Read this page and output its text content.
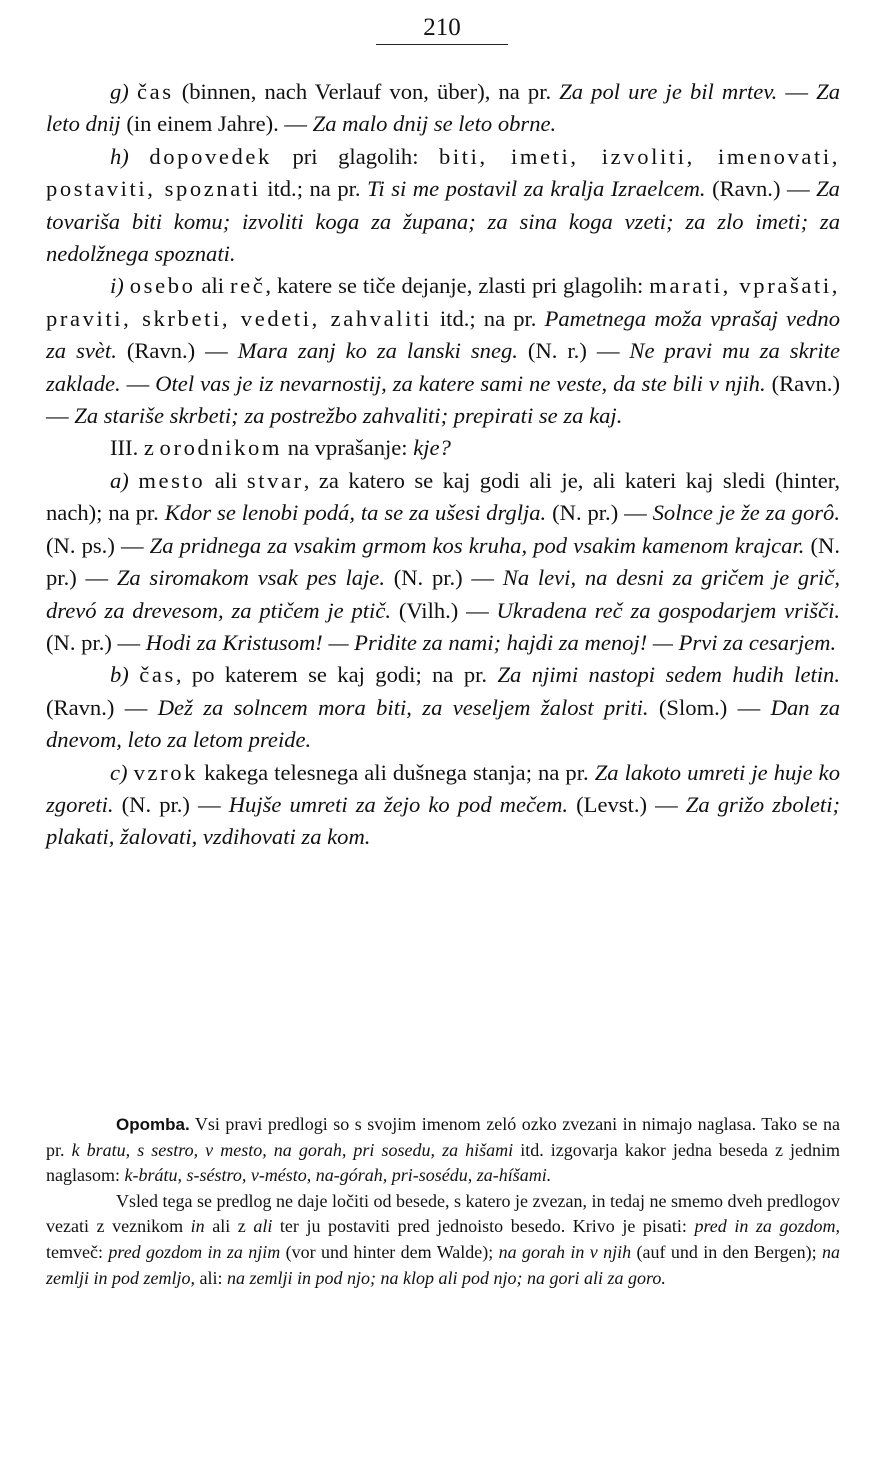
210

g) čas (binnen, nach Verlauf von, über), na pr. Za pol ure je bil mrtev. — Za leto dnij (in einem Jahre). — Za malo dnij se leto obrne.

h) dopovedek pri glagolih: biti, imeti, izvoliti, imenovati, postaviti, spoznati itd.; na pr. Ti si me postavil za kralja Izraelcem. (Ravn.) — Za tovariša biti komu; izvoliti koga za župana; za sina koga vzeti; za zlo imeti; za nedolžnega spoznati.

i) osebo ali reč, katere se tiče dejanje, zlasti pri glagolih: marati, vprašati, praviti, skrbeti, vedeti, zahvaliti itd.; na pr. Pametnega moža vprašaj vedno za svèt. (Ravn.) — Mara zanj ko za lanski sneg. (N. r.) — Ne pravi mu za skrite zaklade. — Otel vas je iz nevarnostij, za katere sami ne veste, da ste bili v njih. (Ravn.) — Za stariše skrbeti; za postrežbo zahvaliti; prepirati se za kaj.

III. z orodnikom na vprašanje: kje?

a) mesto ali stvar, za katero se kaj godi ali je, ali kateri kaj sledi (hinter, nach); na pr. Kdor se lenobi podá, ta se za ušesi drglja. (N. pr.) — Solnce je že za gorô. (N. ps.) — Za pridnega za vsakim grmom kos kruha, pod vsakim kamenom krajcar. (N. pr.) — Za siromakom vsak pes laje. (N. pr.) — Na levi, na desni za gričem je grič, drevó za drevesom, za ptičem je ptič. (Vilh.) — Ukradena reč za gospodarjem vrišči. (N. pr.) — Hodi za Kristusom! — Pridite za nami; hajdi za menoj! — Prvi za cesarjem.

b) čas, po katerem se kaj godi; na pr. Za njimi nastopi sedem hudih letin. (Ravn.) — Dež za solncem mora biti, za veseljem žalost priti. (Slom.) — Dan za dnevom, leto za letom preide.

c) vzrok kakega telesnega ali dušnega stanja; na pr. Za lakoto umreti je huje ko zgoreti. (N. pr.) — Hujše umreti za žejo ko pod mečem. (Levst.) — Za grižo zboleti; plakati, žalovati, vzdihovati za kom.

Opomba. Vsi pravi predlogi so s svojim imenom zeló ozko zvezani in nimajo naglasa. Tako se na pr. k bratu, s sestro, v mesto, na gorah, pri sosedu, za hišami itd. izgovarja kakor jedna beseda z jednim naglasom: k-brátu, s-séstro, v-mésto, na-górah, pri-sosédu, za-híšami.

Vsled tega se predlog ne daje ločiti od besede, s katero je zvezan, in tedaj ne smemo dveh predlogov vezati z veznikom in ali z ali ter ju postaviti pred jednoisto besedo. Krivo je pisati: pred in za gozdom, temveč: pred gozdom in za njim (vor und hinter dem Walde); na gorah in v njih (auf und in den Bergen); na zemlji in pod zemljo, ali: na zemlji in pod njo; na klop ali pod njo; na gori ali za goro.
